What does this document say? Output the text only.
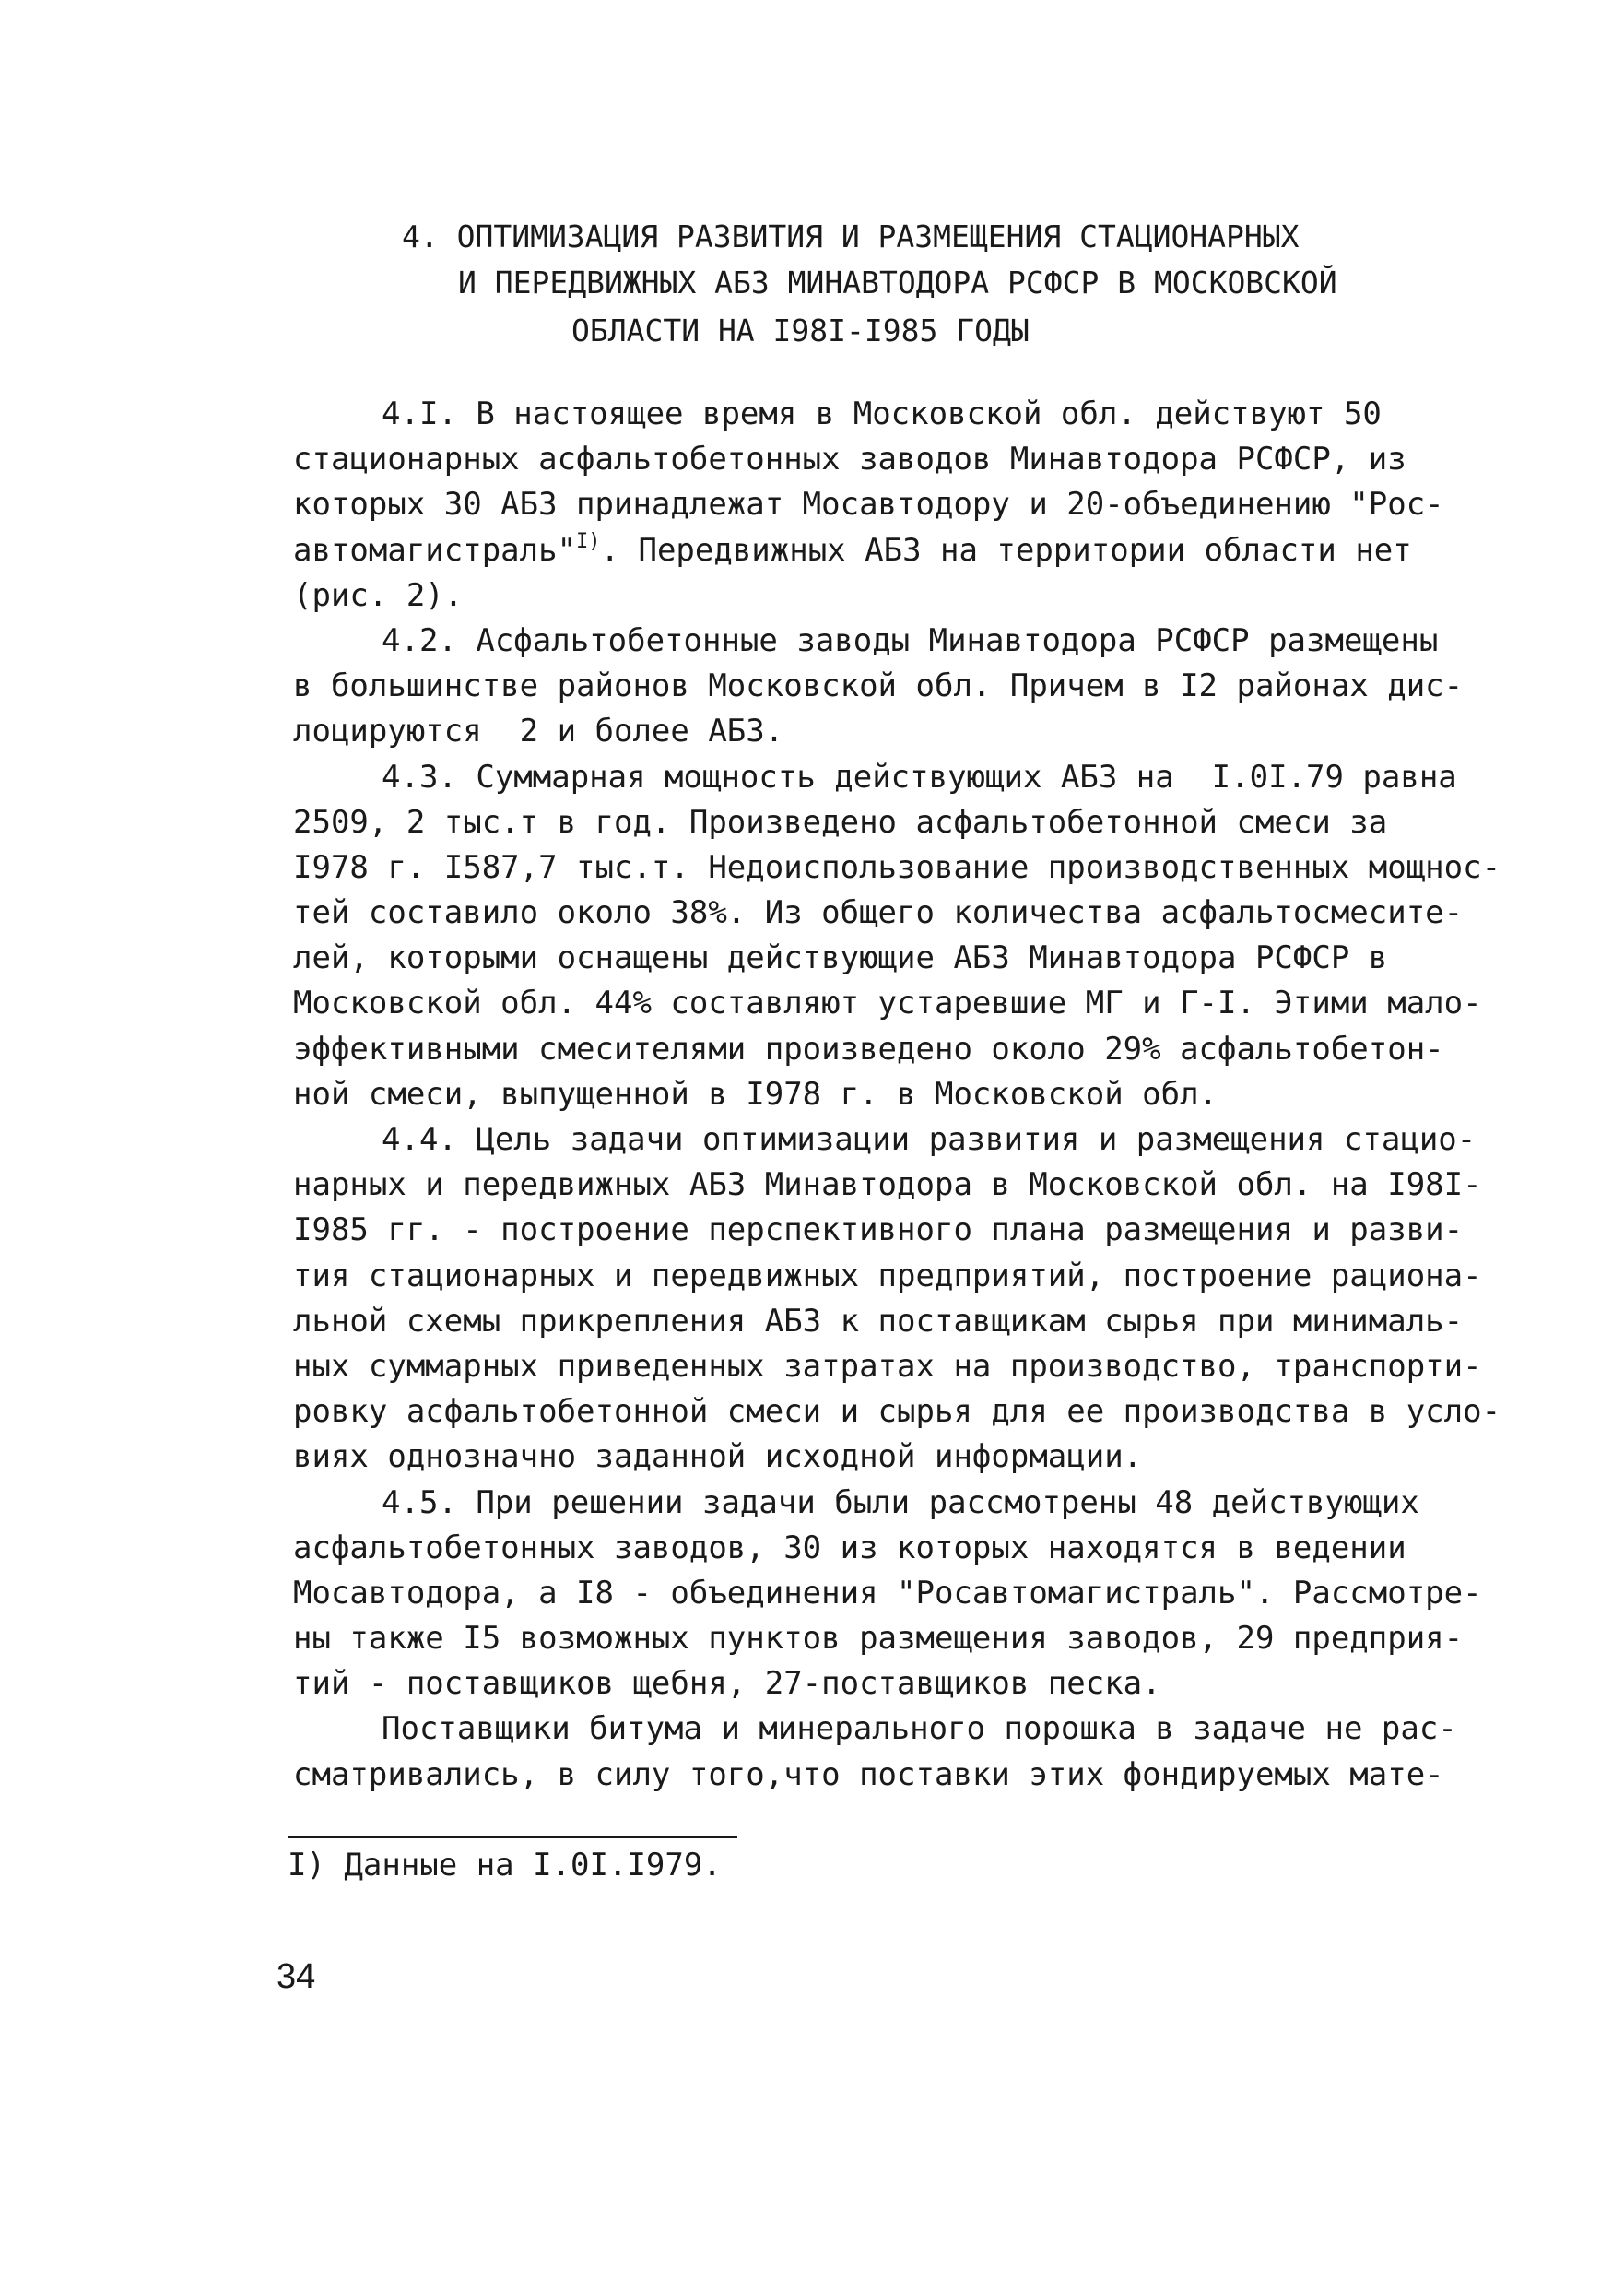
4. ОПТИМИЗАЦИЯ РАЗВИТИЯ И РАЗМЕЩЕНИЯ СТАЦИОНАРНЫХ
И ПЕРЕДВИЖНЫХ АБЗ МИНАВТОДОРА РСФСР В МОСКОВСКОЙ
ОБЛАСТИ НА I98I-I985 ГОДЫ
4.I. В настоящее время в Московской обл. действуют 50
стационарных асфальтобетонных заводов Минавтодора РСФСР, из
которых 30 АБЗ принадлежат Мосавтодору и 20-объединению "Рос-
автомагистраль"$^{I)}$. Передвижных АБЗ на территории области нет
(рис. 2).
4.2. Асфальтобетонные заводы Минавтодора РСФСР размещены
в большинстве районов Московской обл. Причем в I2 районах дис-
лоцируются  2 и более АБЗ.
4.3. Суммарная мощность действующих АБЗ на  I.0I.79 равна
2509, 2 тыс.т в год. Произведено асфальтобетонной смеси за
I978 г. I587,7 тыс.т. Недоиспользование производственных мощнос-
тей составило около 38%. Из общего количества асфальтосмесите-
лей, которыми оснащены действующие АБЗ Минавтодора РСФСР в
Московской обл. 44% составляют устаревшие МГ и Г-I. Этими мало-
эффективными смесителями произведено около 29% асфальтобетон-
ной смеси, выпущенной в I978 г. в Московской обл.
4.4. Цель задачи оптимизации развития и размещения стацио-
нарных и передвижных АБЗ Минавтодора в Московской обл. на I98I-
I985 гг. - построение перспективного плана размещения и разви-
тия стационарных и передвижных предприятий, построение рациона-
льной схемы прикрепления АБЗ к поставщикам сырья при минималь-
ных суммарных приведенных затратах на производство, транспорти-
ровку асфальтобетонной смеси и сырья для ее производства в усло-
виях однозначно заданной исходной информации.
4.5. При решении задачи были рассмотрены 48 действующих
асфальтобетонных заводов, 30 из которых находятся в ведении
Мосавтодора, а I8 - объединения "Росавтомагистраль". Рассмотре-
ны также I5 возможных пунктов размещения заводов, 29 предприя-
тий - поставщиков щебня, 27-поставщиков песка.
Поставщики битума и минерального порошка в задаче не рас-
сматривались, в силу того,что поставки этих фондируемых мате-
I) Данные на I.0I.I979.
34
